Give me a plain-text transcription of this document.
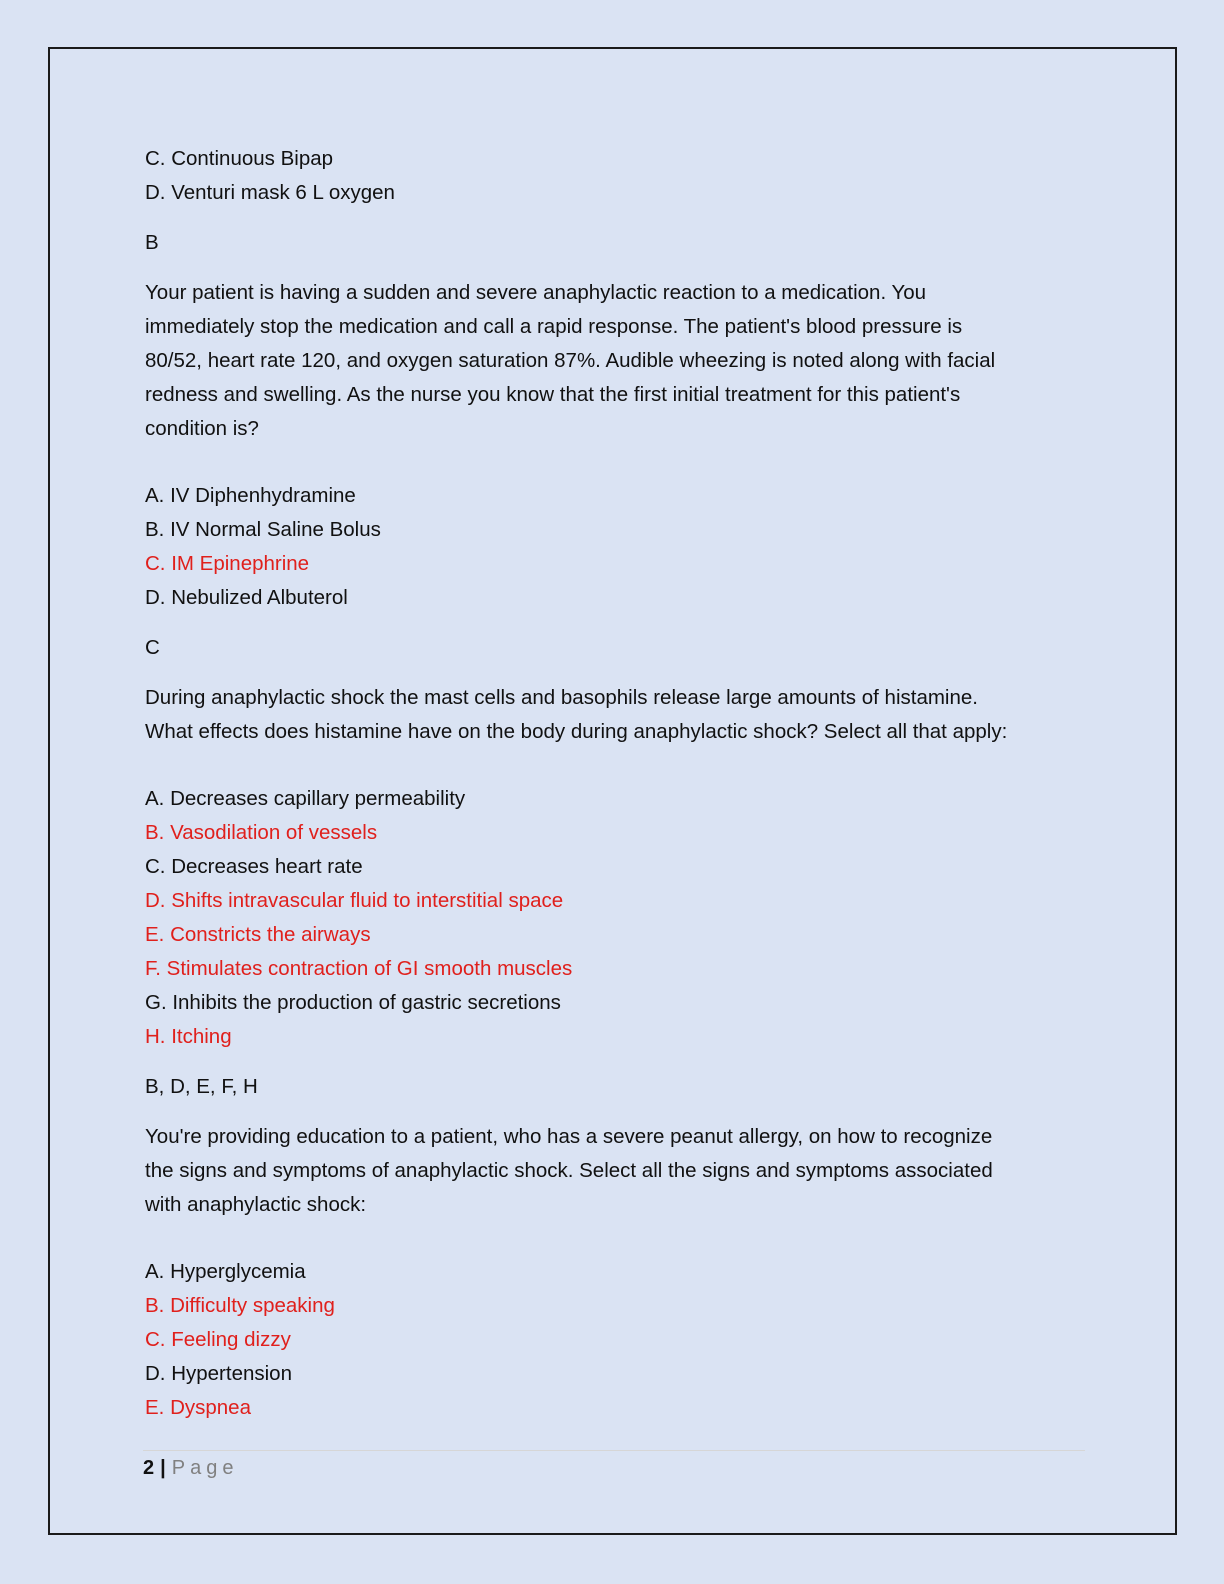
C. Continuous Bipap
D. Venturi mask 6 L oxygen
B
Your patient is having a sudden and severe anaphylactic reaction to a medication. You
immediately stop the medication and call a rapid response. The patient's blood pressure is
80/52, heart rate 120, and oxygen saturation 87%. Audible wheezing is noted along with facial
redness and swelling. As the nurse you know that the first initial treatment for this patient's
condition is?
A. IV Diphenhydramine
B. IV Normal Saline Bolus
C. IM Epinephrine
D. Nebulized Albuterol
C
During anaphylactic shock the mast cells and basophils release large amounts of histamine.
What effects does histamine have on the body during anaphylactic shock? Select all that apply:
A. Decreases capillary permeability
B. Vasodilation of vessels
C. Decreases heart rate
D. Shifts intravascular fluid to interstitial space
E. Constricts the airways
F. Stimulates contraction of GI smooth muscles
G. Inhibits the production of gastric secretions
H. Itching
B, D, E, F, H
You're providing education to a patient, who has a severe peanut allergy, on how to recognize
the signs and symptoms of anaphylactic shock. Select all the signs and symptoms associated
with anaphylactic shock:
A. Hyperglycemia
B. Difficulty speaking
C. Feeling dizzy
D. Hypertension
E. Dyspnea
2 | Page
